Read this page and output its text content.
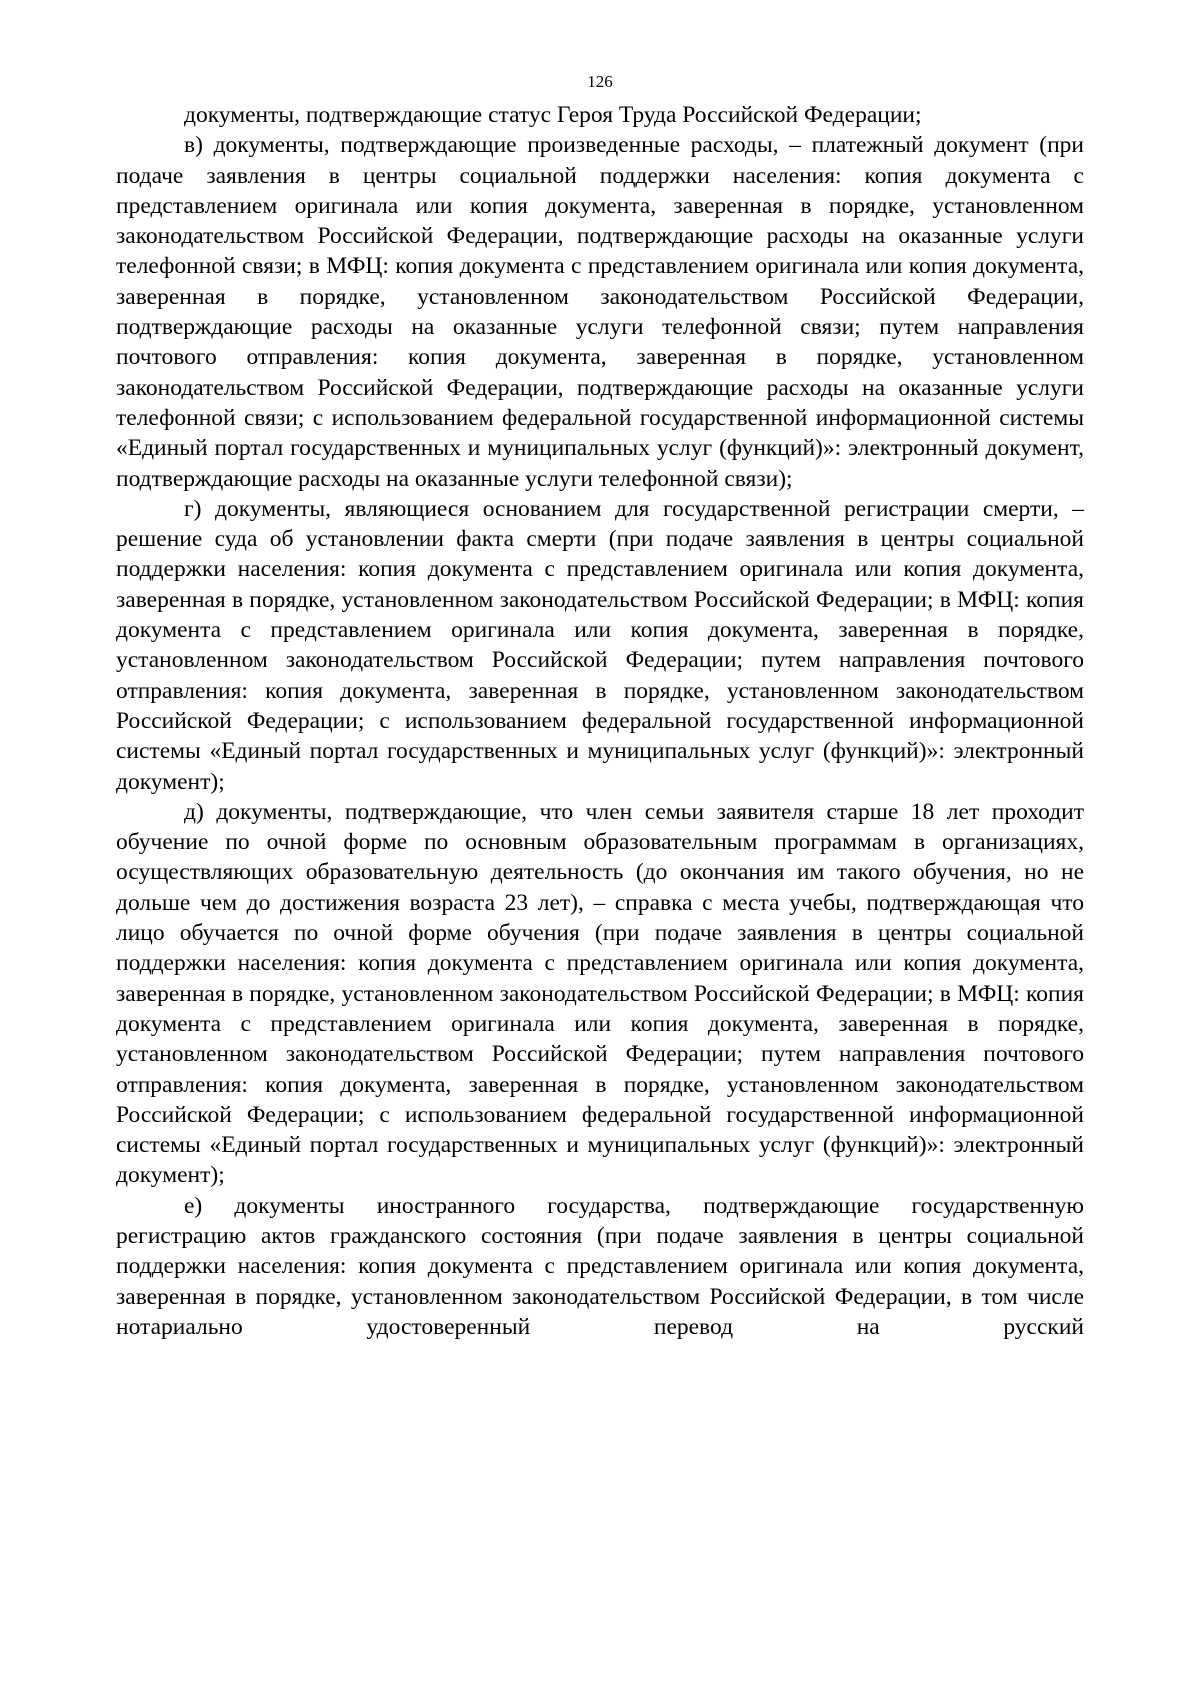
126

документы, подтверждающие статус Героя Труда Российской Федерации;

в) документы, подтверждающие произведенные расходы, – платежный документ (при подаче заявления в центры социальной поддержки населения: копия документа с представлением оригинала или копия документа, заверенная в порядке, установленном законодательством Российской Федерации, подтверждающие расходы на оказанные услуги телефонной связи; в МФЦ: копия документа с представлением оригинала или копия документа, заверенная в порядке, установленном законодательством Российской Федерации, подтверждающие расходы на оказанные услуги телефонной связи; путем направления почтового отправления: копия документа, заверенная в порядке, установленном законодательством Российской Федерации, подтверждающие расходы на оказанные услуги телефонной связи; с использованием федеральной государственной информационной системы «Единый портал государственных и муниципальных услуг (функций)»: электронный документ, подтверждающие расходы на оказанные услуги телефонной связи);

г) документы, являющиеся основанием для государственной регистрации смерти, – решение суда об установлении факта смерти (при подаче заявления в центры социальной поддержки населения: копия документа с представлением оригинала или копия документа, заверенная в порядке, установленном законодательством Российской Федерации; в МФЦ: копия документа с представлением оригинала или копия документа, заверенная в порядке, установленном законодательством Российской Федерации; путем направления почтового отправления: копия документа, заверенная в порядке, установленном законодательством Российской Федерации; с использованием федеральной государственной информационной системы «Единый портал государственных и муниципальных услуг (функций)»: электронный документ);

д) документы, подтверждающие, что член семьи заявителя старше 18 лет проходит обучение по очной форме по основным образовательным программам в организациях, осуществляющих образовательную деятельность (до окончания им такого обучения, но не дольше чем до достижения возраста 23 лет), – справка с места учебы, подтверждающая что лицо обучается по очной форме обучения (при подаче заявления в центры социальной поддержки населения: копия документа с представлением оригинала или копия документа, заверенная в порядке, установленном законодательством Российской Федерации; в МФЦ: копия документа с представлением оригинала или копия документа, заверенная в порядке, установленном законодательством Российской Федерации; путем направления почтового отправления: копия документа, заверенная в порядке, установленном законодательством Российской Федерации; с использованием федеральной государственной информационной системы «Единый портал государственных и муниципальных услуг (функций)»: электронный документ);

е) документы иностранного государства, подтверждающие государственную регистрацию актов гражданского состояния (при подаче заявления в центры социальной поддержки населения: копия документа с представлением оригинала или копия документа, заверенная в порядке, установленном законодательством Российской Федерации, в том числе нотариально удостоверенный перевод на русский
